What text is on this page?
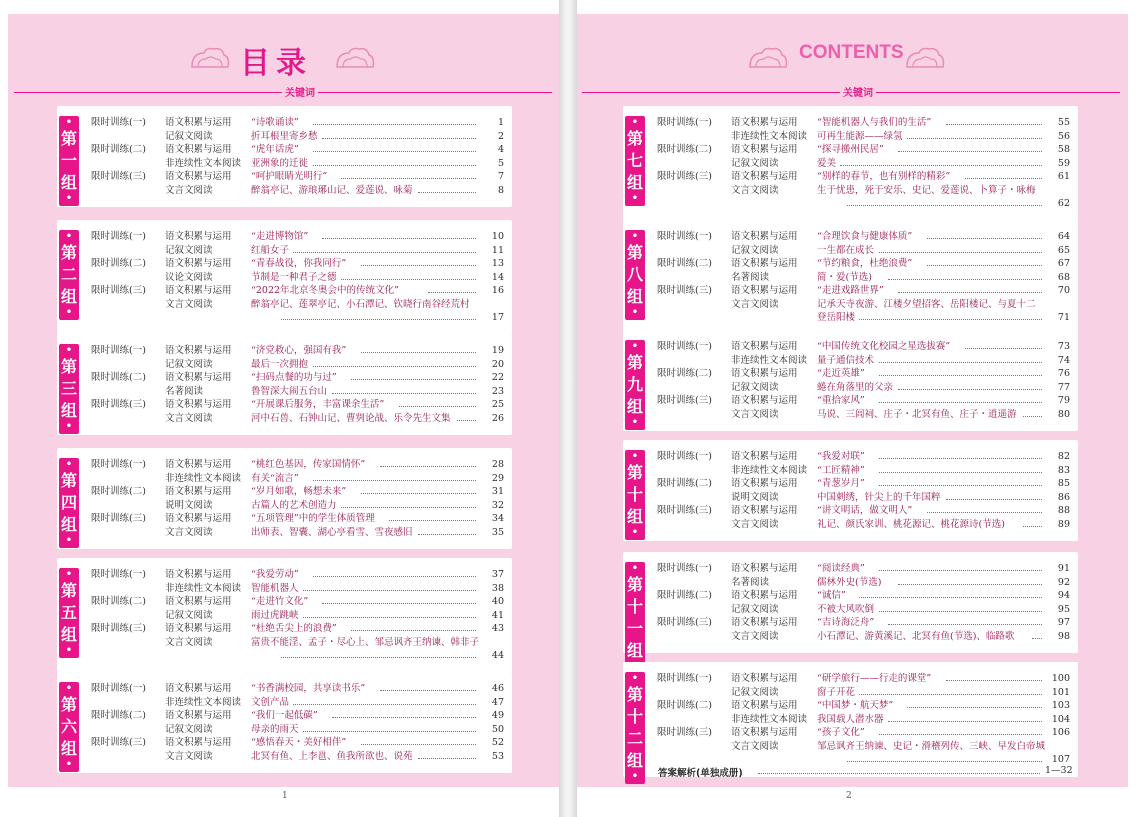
目录
关键词
CONTENTS
关键词
•
第
一
组
•
限时训练(一)	语文积累与运用	“诗歌诵读”	1
记叙文阅读	折耳根里寄乡愁	2
限时训练(二)	语文积累与运用	“虎年话虎”	4
非连续性文本阅读	亚洲象的迁徙	5
限时训练(三)	语文积累与运用	“呵护眼睛光明行”	7
文言文阅读	醉翁亭记、游琅琊山记、爱莲说、咏菊	8
•
第
二
组
•
限时训练(一)	语文积累与运用	“走进博物馆”	10
记叙文阅读	红船女子	11
限时训练(二)	语文积累与运用	“青春战役，你我同行”	13
议论文阅读	节制是一种君子之德	14
限时训练(三)	语文积累与运用	“2022年北京冬奥会中的传统文化”	16
文言文阅读	醉翁亭记、莲翠亭记、小石潭记、钦晓行南谷经荒村
17
•
第
三
组
•
限时训练(一)	语文积累与运用	“济党救心，强国有我”	19
记叙文阅读	最后一次拥抱	20
限时训练(二)	语文积累与运用	“扫码点餐的功与过”	22
名著阅读	鲁智深大闹五台山	23
限时训练(三)	语文积累与运用	“开展课后服务，丰富课余生活”	25
文言文阅读	河中石兽、石钟山记、曹刿论战、乐令先生文集	26
•
第
四
组
•
限时训练(一)	语文积累与运用	“桃红色基因，传家国情怀”	28
非连续性文本阅读	有关“流言”	29
限时训练(二)	语文积累与运用	“岁月如歌，畅想未来”	31
说明文阅读	古篇人的艺术创造力	32
限时训练(三)	语文积累与运用	“五项管理”中的学生体质管理	34
文言文阅读	出师表、智囊、湖心亭看雪、雪夜感旧	35
•
第
五
组
•
限时训练(一)	语文积累与运用	“我爱劳动”	37
非连续性文本阅读	智能机器人	38
限时训练(二)	语文积累与运用	“走进竹文化”	40
记叙文阅读	雨过虎跳峡	41
限时训练(三)	语文积累与运用	“杜绝舌尖上的浪费”	43
文言文阅读	富贵不能淫、孟子・尽心上、邹忌讽齐王纳谏、韩非子
44
•
第
六
组
•
限时训练(一)	语文积累与运用	“书香满校园，共享读书乐”	46
非连续性文本阅读	文创产品	47
限时训练(二)	语文积累与运用	“我们一起低碳”	49
记叙文阅读	母亲的雨天	50
限时训练(三)	语文积累与运用	“感悟春天・美好相伴”	52
文言文阅读	北冥有鱼、上李邕、鱼我所欲也、说苑	53
•
第
七
组
•
限时训练(一)	语文积累与运用	“智能机器人与我们的生活”	55
非连续性文本阅读	可再生能源——绿氢	56
限时训练(二)	语文积累与运用	“探寻搬州民居”	58
记叙文阅读	爱美	59
限时训练(三)	语文积累与运用	“别样的春节，也有别样的精彩”	61
文言文阅读	生于忧患，死于安乐、史记、爱莲说、卜算子・咏梅
62
•
第
八
组
•
限时训练(一)	语文积累与运用	“合理饮食与健康体质”	64
记叙文阅读	一生都在成长	65
限时训练(二)	语文积累与运用	“节约粮食，杜绝浪费”	67
名著阅读	简・爱(节选)	68
限时训练(三)	语文积累与运用	“走进戏路世界”	70
文言文阅读	记承天寺夜游、江楼夕望招客、岳阳楼记、与夏十二
登岳阳楼	71
•
第
九
组
•
限时训练(一)	语文积累与运用	“中国传统文化校园之星选拔赛”	73
非连续性文本阅读	量子通信技术	74
限时训练(二)	语文积累与运用	“走近英雄”	76
记叙文阅读	蜷在角落里的父亲	77
限时训练(三)	语文积累与运用	“重拾家风”	79
文言文阅读	马说、三闾祠、庄子・北冥有鱼、庄子・逍遥游	80
•
第
十
组
•
限时训练(一)	语文积累与运用	“我爱对联”	82
非连续性文本阅读	“工匠精神”	83
限时训练(二)	语文积累与运用	“青葱岁月”	85
说明文阅读	中国刺绣，针尖上的千年国粹	86
限时训练(三)	语文积累与运用	“讲文明话，做文明人”	88
文言文阅读	礼记、颜氏家训、桃花源记、桃花源诗(节选)	89
•
第
十
一
组
限时训练(一)	语文积累与运用	“阅读经典”	91
名著阅读	儒林外史(节选)	92
限时训练(二)	语文积累与运用	“诚信”	94
记叙文阅读	不被大风吹倒	95
限时训练(三)	语文积累与运用	“吉诗海泛舟”	97
文言文阅读	小石潭记、游黄溪记、北冥有鱼(节选)、临路歌	98
•
第
十
二
组
•
限时训练(一)	语文积累与运用	“研学旅行——行走的课堂”	100
记叙文阅读	窗子开花	101
限时训练(二)	语文积累与运用	“中国梦・航天梦”	103
非连续性文本阅读	我国载人潜水器	104
限时训练(三)	语文积累与运用	“孩子文化”	106
文言文阅读	邹忌讽齐王纳谏、史记・滑稽列传、三峡、早发白帝城
107
答案解析(单独成册)	1—32
1	2
